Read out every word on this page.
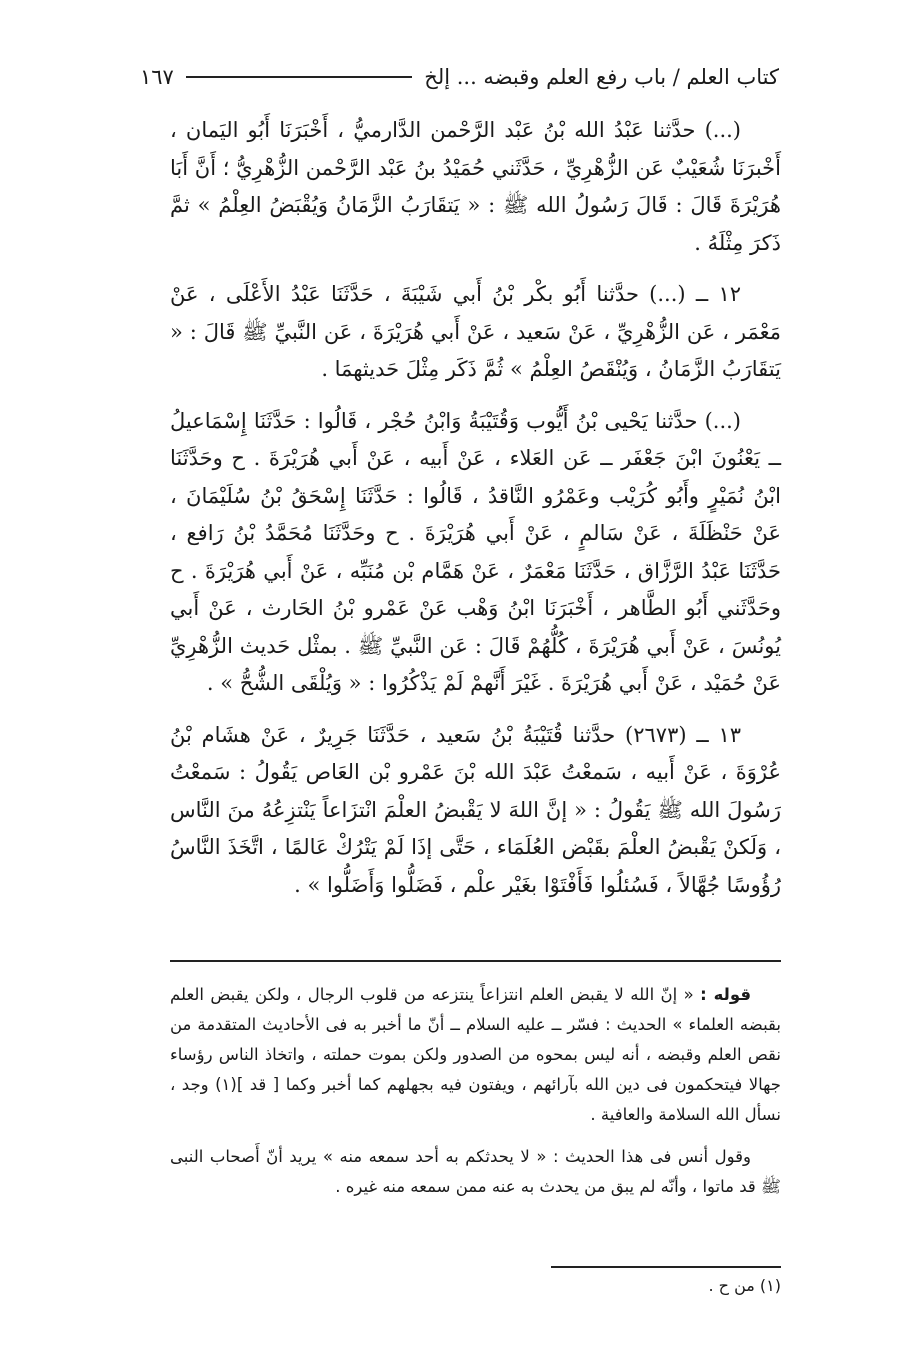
كتاب العلم / باب رفع العلم وقبضه ... إلخ
١٦٧

(...) حدَّثنا عَبْدُ الله بْنُ عَبْد الرَّحْمن الدَّارميُّ ، أَخْبَرَنَا أَبُو اليَمان ، أَخْبرَنَا شُعَيْبٌ عَن الزُّهْرِيِّ ، حَدَّثَني حُمَيْدُ بنُ عَبْد الرَّحْمن الزُّهْرِيُّ ؛ أَنَّ أَبَا هُرَيْرَةَ قَالَ : قَالَ رَسُولُ الله ﷺ : « يَتقَارَبُ الزَّمَانُ وَيُقْبَضُ العِلْمُ » ثمَّ ذَكرَ مِثْلَهُ .

١٢ ــ (...) حدَّثنا أَبُو بكْر بْنُ أَبي شَيْبَةَ ، حَدَّثَنَا عَبْدُ الأَعْلَى ، عَنْ مَعْمَر ، عَن الزُّهْرِيِّ ، عَنْ سَعيد ، عَنْ أَبي هُرَيْرَةَ ، عَن النَّبيِّ ﷺ قَالَ : « يَتقَارَبُ الزَّمَانُ ، وَيُنْقَصُ العِلْمُ » ثُمَّ ذَكَر مِثْلَ حَديثهمَا .

(...) حدَّثنا يَحْيى بْنُ أَيُّوب وَقُتَيْبَةُ وَابْنُ حُجْر ، قَالُوا : حَدَّثَنَا إِسْمَاعيلُ ــ يَعْنُونَ ابْنَ جَعْفَر ــ عَن العَلاء ، عَنْ أَبيه ، عَنْ أَبي هُرَيْرَةَ . ح وحَدَّثَنَا ابْنُ نُمَيْرٍ وأَبُو كُرَيْب وعَمْرُو النَّاقدُ ، قَالُوا : حَدَّثَنَا إِسْحَقُ بْنُ سُلَيْمَانَ ، عَنْ حَنْظَلَةَ ، عَنْ سَالمٍ ، عَنْ أَبي هُرَيْرَةَ . ح وحَدَّثَنَا مُحَمَّدُ بْنُ رَافع ، حَدَّثَنَا عَبْدُ الرَّزَّاق ، حَدَّثَنَا مَعْمَرٌ ، عَنْ هَمَّام بْن مُنَبِّه ، عَنْ أَبي هُرَيْرَةَ . ح وحَدَّثَني أَبُو الطَّاهر ، أَخْبَرَنَا ابْنُ وَهْب عَنْ عَمْرو بْنُ الحَارث ، عَنْ أَبي يُونُسَ ، عَنْ أَبي هُرَيْرَةَ ، كُلُّهُمْ قَالَ : عَن النَّبيِّ ﷺ . بمثْل حَديث الزُّهْرِيِّ عَنْ حُمَيْد ، عَنْ أَبي هُرَيْرَةَ . غَيْرَ أَنَّهمْ لَمْ يَذْكُرُوا : « وَيُلْقَى الشُّحُّ » .

١٣ ــ (٢٦٧٣) حدَّثنا قُتَيْبَةُ بْنُ سَعيد ، حَدَّثَنَا جَرِيرٌ ، عَنْ هشَام بْنُ عُرْوَةَ ، عَنْ أَبيه ، سَمعْتُ عَبْدَ الله بْنَ عَمْرو بْن العَاص يَقُولُ : سَمعْتُ رَسُولَ الله ﷺ يَقُولُ : « إنَّ اللهَ لا يَقْبضُ العلْمَ انْتزَاعاً يَنْتزِعُهُ منَ النَّاس ، وَلَكنْ يَقْبضُ العلْمَ بقَبْض العُلَمَاء ، حَتَّى إذَا لَمْ يَتْرُكْ عَالمًا ، اتَّخَذَ النَّاسُ رُؤُوسًا جُهَّالاً ، فَسُئلُوا فَأَفْتَوْا بغَيْر علْم ، فَضَلُّوا وَأَضَلُّوا » .

قوله : « إنّ الله لا يقبض العلم انتزاعاً ينتزعه من قلوب الرجال ، ولكن يقبض العلم بقبضه العلماء » الحديث : فسّر ــ عليه السلام ــ أنّ ما أخبر به فى الأحاديث المتقدمة من نقص العلم وقبضه ، أنه ليس بمحوه من الصدور ولكن بموت حملته ، واتخاذ الناس رؤساء جهالا فيتحكمون فى دين الله بآرائهم ، ويفتون فيه بجهلهم كما أخبر وكما [ قد ](١) وجد ، نسأل الله السلامة والعافية .

وقول أنس فى هذا الحديث : « لا يحدثكم به أحد سمعه منه » يريد أنّ أَصحاب النبى ﷺ قد ماتوا ، وأنّه لم يبق من يحدث به عنه ممن سمعه منه غيره .

(١) من ح .
